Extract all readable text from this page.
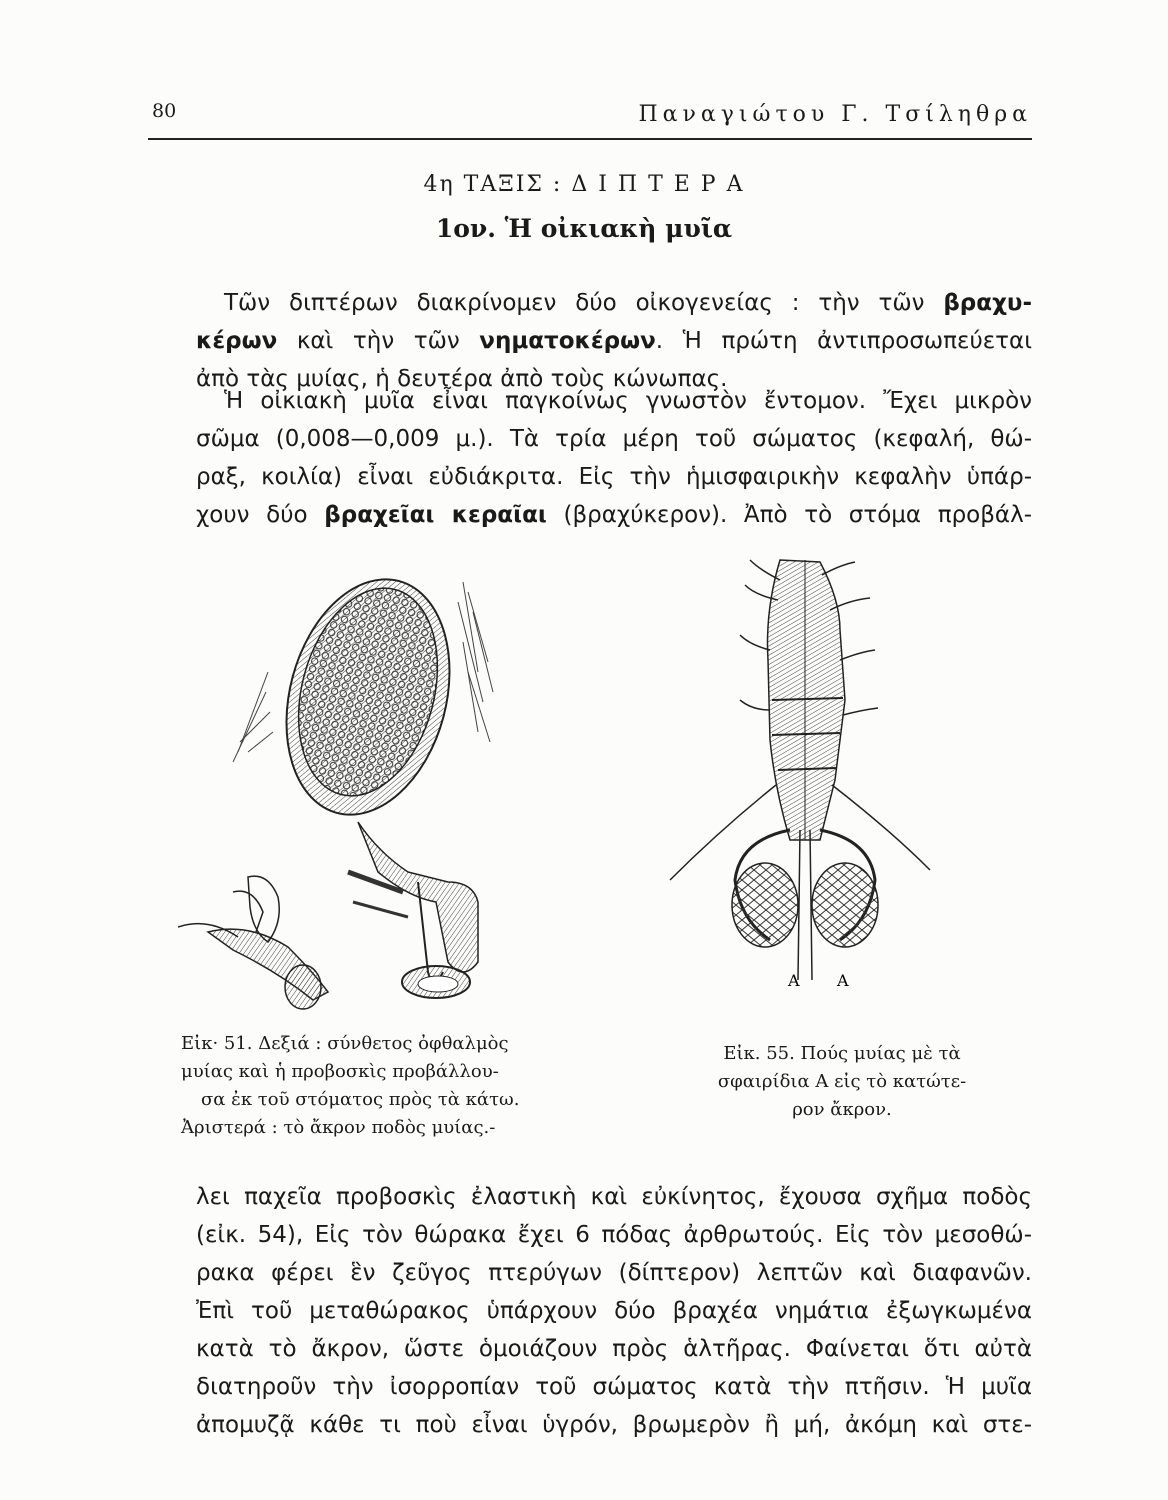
80	Παναγιώτου Γ. Τσίληθρα
4η ΤΑΞΙΣ : Δ Ι Π Τ Ε Ρ Α
1ον. Ἡ οἰκιακὴ μυῖα
Τῶν διπτέρων διακρίνομεν δύο οἰκογενείας : τὴν τῶν βραχυ-
κέρων καὶ τὴν τῶν νηματοκέρων. Ἡ πρώτη ἀντιπροσωπεύεται
ἀπὸ τὰς μυίας, ἡ δευτέρα ἀπὸ τοὺς κώνωπας.
Ἡ οἰκιακὴ μυῖα εἶναι παγκοίνως γνωστὸν ἔντομον. Ἔχει μικρὸν
σῶμα (0,008—0,009 μ.). Τὰ τρία μέρη τοῦ σώματος (κεφαλή, θώ-
ραξ, κοιλία) εἶναι εὐδιάκριτα. Εἰς τὴν ἡμισφαιρικὴν κεφαλὴν ὑπάρ-
χουν δύο βραχεῖαι κεραῖαι (βραχύκερον). Ἀπὸ τὸ στόμα προβάλ-
Α Α
Εἰκ· 51. Δεξιά : σύνθετος ὀφθαλμὸς
μυίας καὶ ἡ προβοσκὶς προβάλλου-
σα ἐκ τοῦ στόματος πρὸς τὰ κάτω.
Ἀριστερά : τὸ ἄκρον ποδὸς μυίας.-
Εἰκ. 55. Πούς μυίας μὲ τὰ
σφαιρίδια Α εἰς τὸ κατώτε-
ρον ἄκρον.
λει παχεῖα προβοσκὶς ἐλαστικὴ καὶ εὐκίνητος, ἔχουσα σχῆμα ποδὸς
(εἰκ. 54), Εἰς τὸν θώρακα ἔχει 6 πόδας ἀρθρωτούς. Εἰς τὸν μεσοθώ-
ρακα φέρει ἓν ζεῦγος πτερύγων (δίπτερον) λεπτῶν καὶ διαφανῶν.
Ἐπὶ τοῦ μεταθώρακος ὑπάρχουν δύο βραχέα νημάτια ἐξωγκωμένα
κατὰ τὸ ἄκρον, ὥστε ὁμοιάζουν πρὸς ἁλτῆρας. Φαίνεται ὅτι αὐτὰ
διατηροῦν τὴν ἰσορροπίαν τοῦ σώματος κατὰ τὴν πτῆσιν. Ἡ μυῖα
ἀπομυζᾷ κάθε τι ποὺ εἶναι ὑγρόν, βρωμερὸν ἢ μή, ἀκόμη καὶ στε-
